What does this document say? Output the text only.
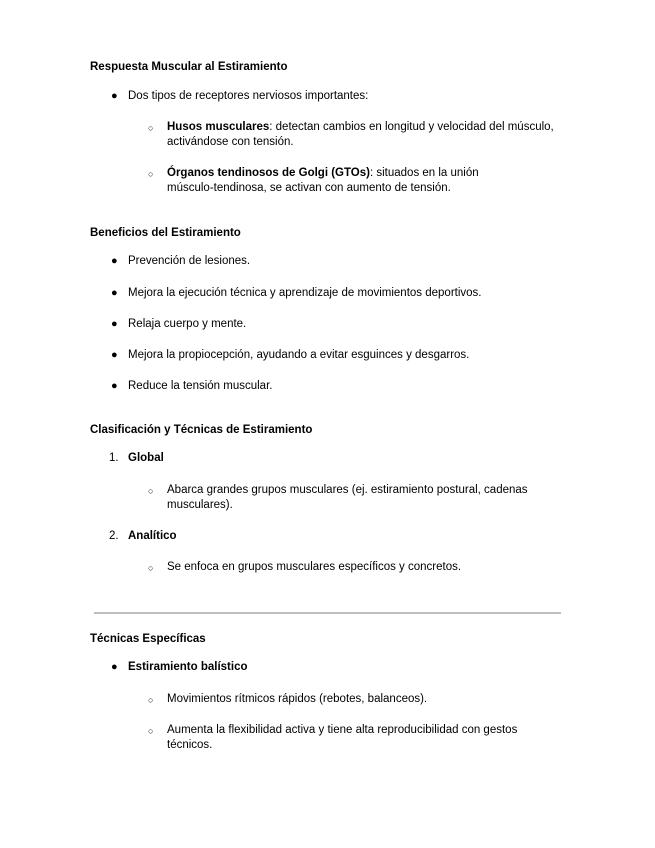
Respuesta Muscular al Estiramiento
● Dos tipos de receptores nerviosos importantes:
○ Husos musculares: detectan cambios en longitud y velocidad del músculo,
activándose con tensión.
○ Órganos tendinosos de Golgi (GTOs): situados en la unión
músculo-tendinosa, se activan con aumento de tensión.
Beneficios del Estiramiento
● Prevención de lesiones.
● Mejora la ejecución técnica y aprendizaje de movimientos deportivos.
● Relaja cuerpo y mente.
● Mejora la propiocepción, ayudando a evitar esguinces y desgarros.
● Reduce la tensión muscular.
Clasificación y Técnicas de Estiramiento
1. Global
○ Abarca grandes grupos musculares (ej. estiramiento postural, cadenas
musculares).
2. Analítico
○ Se enfoca en grupos musculares específicos y concretos.
Técnicas Específicas
● Estiramiento balístico
○ Movimientos rítmicos rápidos (rebotes, balanceos).
○ Aumenta la flexibilidad activa y tiene alta reproducibilidad con gestos
técnicos.
